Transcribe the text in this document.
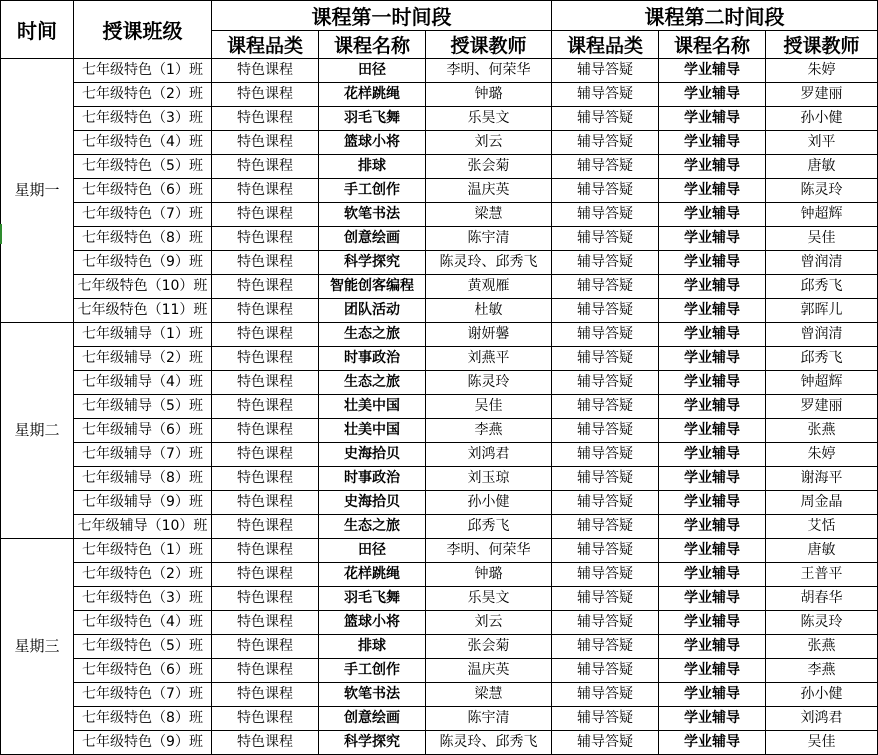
时间	授课班级	课程第一时间段			课程第二时间段		
		课程品类	课程名称	授课教师	课程品类	课程名称	授课教师
星期一	七年级特色（1）班	特色课程	田径	李明、何荣华	辅导答疑	学业辅导	朱婷
	七年级特色（2）班	特色课程	花样跳绳	钟璐	辅导答疑	学业辅导	罗建丽
	七年级特色（3）班	特色课程	羽毛飞舞	乐昊文	辅导答疑	学业辅导	孙小健
	七年级特色（4）班	特色课程	篮球小将	刘云	辅导答疑	学业辅导	刘平
	七年级特色（5）班	特色课程	排球	张会菊	辅导答疑	学业辅导	唐敏
	七年级特色（6）班	特色课程	手工创作	温庆英	辅导答疑	学业辅导	陈灵玲
	七年级特色（7）班	特色课程	软笔书法	梁慧	辅导答疑	学业辅导	钟超辉
	七年级特色（8）班	特色课程	创意绘画	陈宇清	辅导答疑	学业辅导	吴佳
	七年级特色（9）班	特色课程	科学探究	陈灵玲、邱秀飞	辅导答疑	学业辅导	曾润清
	七年级特色（10）班	特色课程	智能创客编程	黄观雁	辅导答疑	学业辅导	邱秀飞
	七年级特色（11）班	特色课程	团队活动	杜敏	辅导答疑	学业辅导	郭晖儿
星期二	七年级辅导（1）班	特色课程	生态之旅	谢妍馨	辅导答疑	学业辅导	曾润清
	七年级辅导（2）班	特色课程	时事政治	刘燕平	辅导答疑	学业辅导	邱秀飞
	七年级辅导（4）班	特色课程	生态之旅	陈灵玲	辅导答疑	学业辅导	钟超辉
	七年级辅导（5）班	特色课程	壮美中国	吴佳	辅导答疑	学业辅导	罗建丽
	七年级辅导（6）班	特色课程	壮美中国	李燕	辅导答疑	学业辅导	张燕
	七年级辅导（7）班	特色课程	史海拾贝	刘鸿君	辅导答疑	学业辅导	朱婷
	七年级辅导（8）班	特色课程	时事政治	刘玉琼	辅导答疑	学业辅导	谢海平
	七年级辅导（9）班	特色课程	史海拾贝	孙小健	辅导答疑	学业辅导	周金晶
	七年级辅导（10）班	特色课程	生态之旅	邱秀飞	辅导答疑	学业辅导	艾恬
星期三	七年级特色（1）班	特色课程	田径	李明、何荣华	辅导答疑	学业辅导	唐敏
	七年级特色（2）班	特色课程	花样跳绳	钟璐	辅导答疑	学业辅导	王普平
	七年级特色（3）班	特色课程	羽毛飞舞	乐昊文	辅导答疑	学业辅导	胡春华
	七年级特色（4）班	特色课程	篮球小将	刘云	辅导答疑	学业辅导	陈灵玲
	七年级特色（5）班	特色课程	排球	张会菊	辅导答疑	学业辅导	张燕
	七年级特色（6）班	特色课程	手工创作	温庆英	辅导答疑	学业辅导	李燕
	七年级特色（7）班	特色课程	软笔书法	梁慧	辅导答疑	学业辅导	孙小健
	七年级特色（8）班	特色课程	创意绘画	陈宇清	辅导答疑	学业辅导	刘鸿君
	七年级特色（9）班	特色课程	科学探究	陈灵玲、邱秀飞	辅导答疑	学业辅导	吴佳
